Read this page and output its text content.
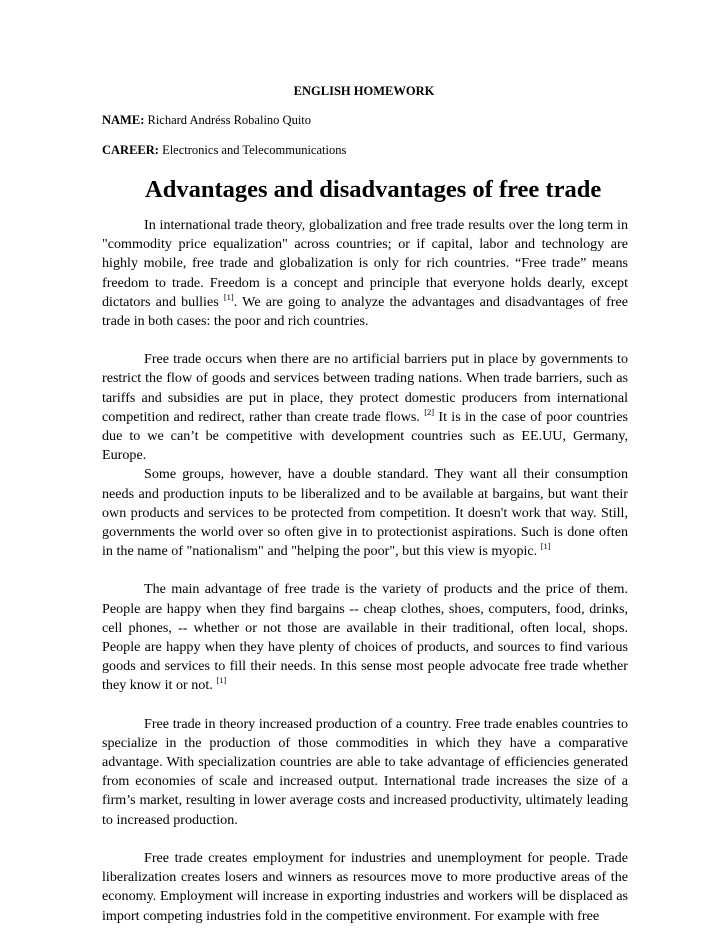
ENGLISH HOMEWORK
NAME: Richard Andréss Robalino Quito
CAREER: Electronics and Telecommunications
Advantages and disadvantages of free trade

In international trade theory, globalization and free trade results over the long term in "commodity price equalization" across countries; or if capital, labor and technology are highly mobile, free trade and globalization is only for rich countries. “Free trade” means freedom to trade. Freedom is a concept and principle that everyone holds dearly, except dictators and bullies [1]. We are going to analyze the advantages and disadvantages of free trade in both cases: the poor and rich countries.

Free trade occurs when there are no artificial barriers put in place by governments to restrict the flow of goods and services between trading nations. When trade barriers, such as tariffs and subsidies are put in place, they protect domestic producers from international competition and redirect, rather than create trade flows. [2] It is in the case of poor countries due to we can’t be competitive with development countries such as EE.UU, Germany, Europe.

Some groups, however, have a double standard. They want all their consumption needs and production inputs to be liberalized and to be available at bargains, but want their own products and services to be protected from competition. It doesn't work that way. Still, governments the world over so often give in to protectionist aspirations. Such is done often in the name of "nationalism" and "helping the poor", but this view is myopic. [1]

The main advantage of free trade is the variety of products and the price of them. People are happy when they find bargains -- cheap clothes, shoes, computers, food, drinks, cell phones, -- whether or not those are available in their traditional, often local, shops. People are happy when they have plenty of choices of products, and sources to find various goods and services to fill their needs. In this sense most people advocate free trade whether they know it or not. [1]

Free trade in theory increased production of a country. Free trade enables countries to specialize in the production of those commodities in which they have a comparative advantage. With specialization countries are able to take advantage of efficiencies generated from economies of scale and increased output. International trade increases the size of a firm’s market, resulting in lower average costs and increased productivity, ultimately leading to increased production.

Free trade creates employment for industries and unemployment for people. Trade liberalization creates losers and winners as resources move to more productive areas of the economy. Employment will increase in exporting industries and workers will be displaced as import competing industries fold in the competitive environment. For example with free
